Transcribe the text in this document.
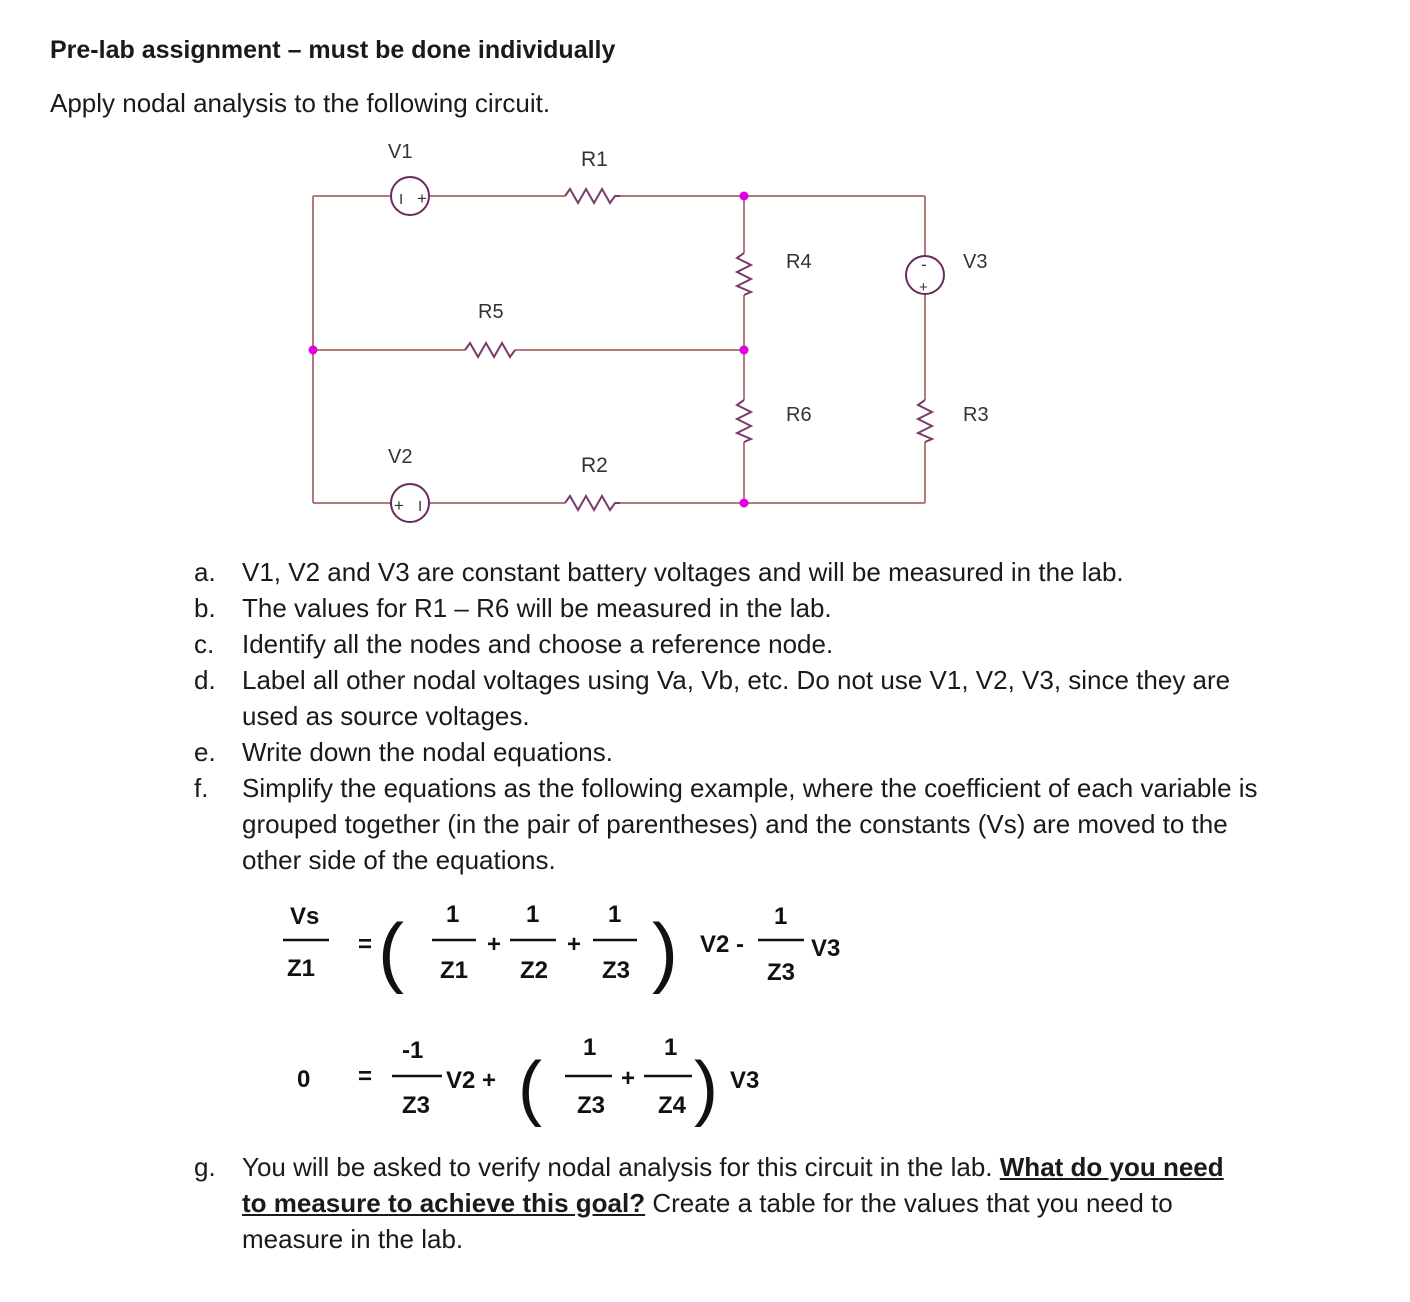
Pre-lab assignment – must be done individually
Apply nodal analysis to the following circuit.
I +
+ I
-
+
V1	R1
R4	V3
R5
R6	R3
V2	R2
a. V1, V2 and V3 are constant battery voltages and will be measured in the lab.
b. The values for R1 – R6 will be measured in the lab.
c. Identify all the nodes and choose a reference node.
d. Label all other nodal voltages using Va, Vb, etc. Do not use V1, V2, V3, since they are used as source voltages.
e. Write down the nodal equations.
f. Simplify the equations as the following example, where the coefficient of each variable is grouped together (in the pair of parentheses) and the constants (Vs) are moved to the other side of the equations.
Vs
Z1
= ( 1
Z1
+
1
Z2
+
1
Z3 ) V2 -
1
Z3
V3
0 =
-1
Z3
V2 + (
1
Z3
+
1
Z4 ) V3
g. You will be asked to verify nodal analysis for this circuit in the lab. What do you need to measure to achieve this goal? Create a table for the values that you need to measure in the lab.
